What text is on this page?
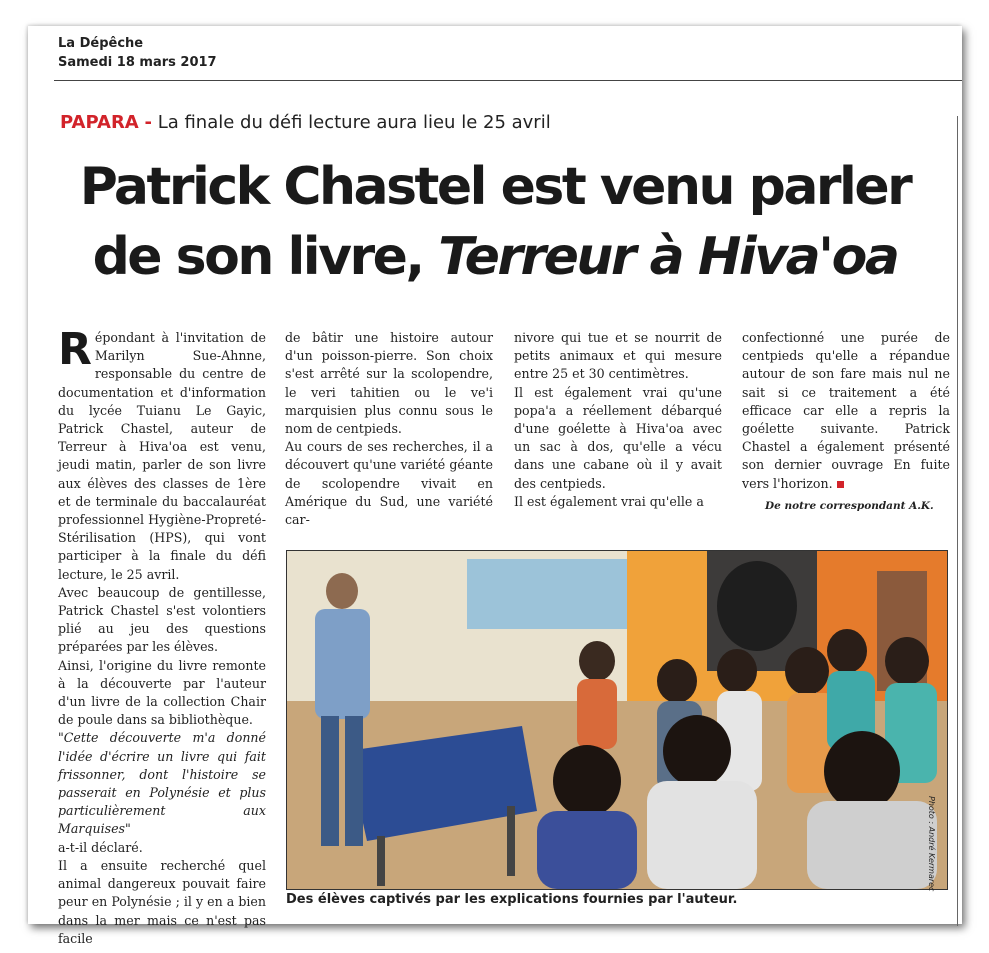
La Dépêche
Samedi 18 mars 2017
PAPARA - La finale du défi lecture aura lieu le 25 avril
Patrick Chastel est venu parler
de son livre, Terreur à Hiva'oa

Répondant à l'invitation de Marilyn Sue-Ahnne, responsable du centre de documentation et d'information du lycée Tuianu Le Gayic, Patrick Chastel, auteur de Terreur à Hiva'oa est venu, jeudi matin, parler de son livre aux élèves des classes de 1ère et de terminale du baccalauréat professionnel Hygiène-Propreté-Stérilisation (HPS), qui vont participer à la finale du défi lecture, le 25 avril.

Avec beaucoup de gentillesse, Patrick Chastel s'est volontiers plié au jeu des questions préparées par les élèves.

Ainsi, l'origine du livre remonte à la découverte par l'auteur d'un livre de la collection Chair de poule dans sa bibliothèque.

"Cette découverte m'a donné l'idée d'écrire un livre qui fait frissonner, dont l'histoire se passerait en Polynésie et plus particulièrement aux Marquises"

a-t-il déclaré.

Il a ensuite recherché quel animal dangereux pouvait faire peur en Polynésie ; il y en a bien dans la mer mais ce n'est pas facile

de bâtir une histoire autour d'un poisson-pierre. Son choix s'est arrêté sur la scolopendre, le veri tahitien ou le ve'i marquisien plus connu sous le nom de centpieds.

Au cours de ses recherches, il a découvert qu'une variété géante de scolopendre vivait en Amérique du Sud, une variété car-

nivore qui tue et se nourrit de petits animaux et qui mesure entre 25 et 30 centimètres.

Il est également vrai qu'une popa'a a réellement débarqué d'une goélette à Hiva'oa avec un sac à dos, qu'elle a vécu dans une cabane où il y avait des centpieds.

Il est également vrai qu'elle a

confectionné une purée de centpieds qu'elle a répandue autour de son fare mais nul ne sait si ce traitement a été efficace car elle a repris la goélette suivante. Patrick Chastel a également présenté son dernier ouvrage En fuite vers l'horizon.

De notre correspondant A.K.
Photo : André Kermarec
Des élèves captivés par les explications fournies par l'auteur.
